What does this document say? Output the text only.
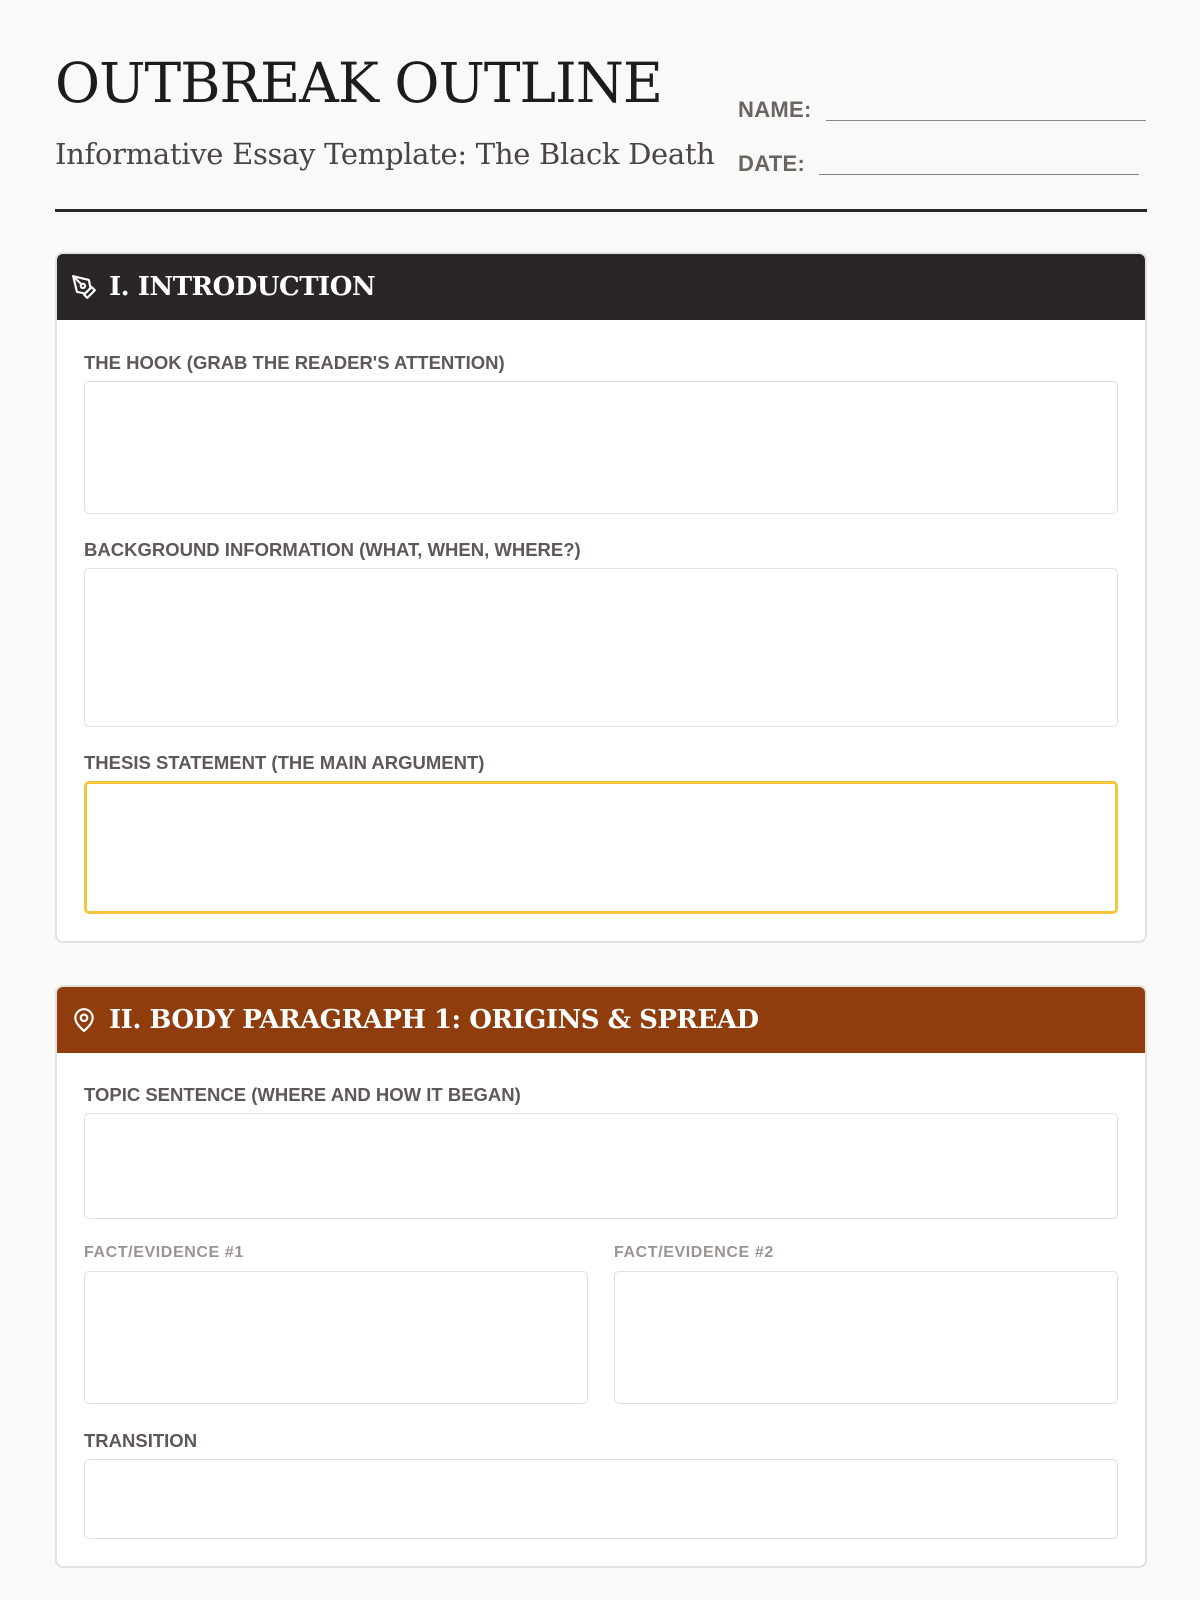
OUTBREAK OUTLINE
Informative Essay Template: The Black Death
NAME:
DATE:
I. INTRODUCTION
THE HOOK (GRAB THE READER'S ATTENTION)
BACKGROUND INFORMATION (WHAT, WHEN, WHERE?)
THESIS STATEMENT (THE MAIN ARGUMENT)
II. BODY PARAGRAPH 1: ORIGINS & SPREAD
TOPIC SENTENCE (WHERE AND HOW IT BEGAN)
FACT/EVIDENCE #1	FACT/EVIDENCE #2
TRANSITION
